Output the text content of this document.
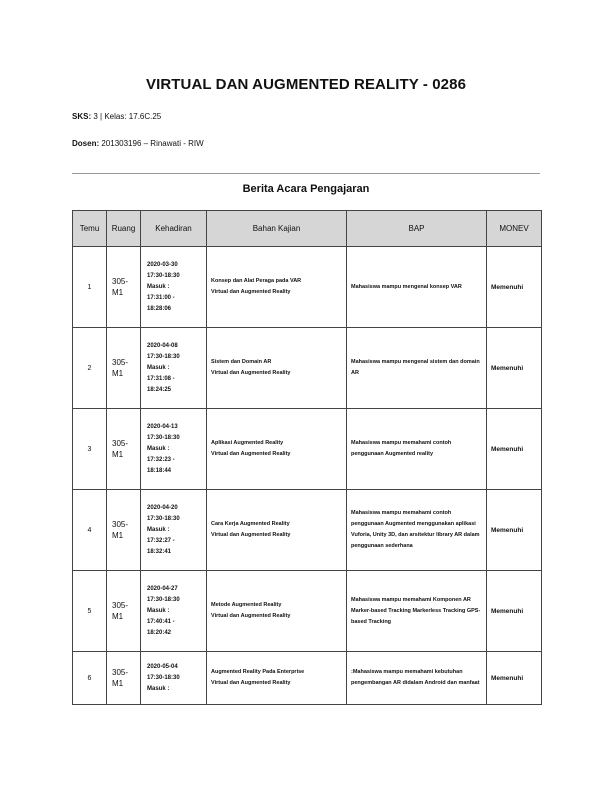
VIRTUAL DAN AUGMENTED REALITY - 0286
SKS: 3 | Kelas: 17.6C.25
Dosen: 201303196 – Rinawati - RIW
Berita Acara Pengajaran
Temu	Ruang	Kehadiran	Bahan Kajian	BAP	MONEV
1	305-M1	2020-03-30
17:30-18:30
Masuk :
17:31:00 -
18:28:06	Konsep dan Alat Peraga pada VAR
Virtual dan Augmented Reality	Mahasiswa mampu mengenal konsep VAR	Memenuhi
2	305-M1	2020-04-08
17:30-18:30
Masuk :
17:31:08 -
18:24:25	Sistem dan Domain AR
Virtual dan Augmented Reality	Mahasiswa mampu mengenal sistem dan domain AR	Memenuhi
3	305-M1	2020-04-13
17:30-18:30
Masuk :
17:32:23 -
18:18:44	Aplikasi Augmented Reality
Virtual dan Augmented Reality	Mahasiswa mampu memahami contoh penggunaan Augmented reality	Memenuhi
4	305-M1	2020-04-20
17:30-18:30
Masuk :
17:32:27 -
18:32:41	Cara Kerja Augmented Reality
Virtual dan Augmented Reality	Mahasiswa mampu memahami contoh penggunaan Augmented menggunakan aplikasi Vuforia, Unity 3D, dan arsitektur library AR dalam penggunaan sederhana	Memenuhi
5	305-M1	2020-04-27
17:30-18:30
Masuk :
17:40:41 -
18:20:42	Metode Augmented Reality
Virtual dan Augmented Reality	Mahasiswa mampu memahami Komponen AR Marker-based Tracking Markerless Tracking GPS-based Tracking	Memenuhi
6	305-M1	2020-05-04
17:30-18:30
Masuk :	Augmented Reality Pada Enterprise
Virtual dan Augmented Reality	:Mahasiswa mampu memahami kebutuhan pengembangan AR didalam Android dan manfaat	Memenuhi
